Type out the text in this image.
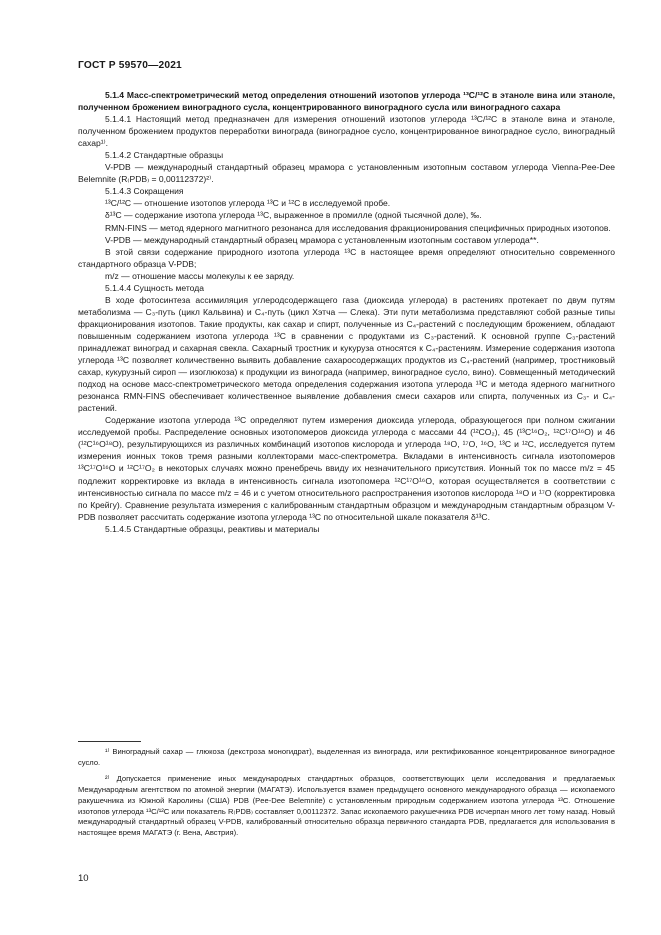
ГОСТ Р 59570—2021

5.1.4 Масс-спектрометрический метод определения отношений изотопов углерода ¹³C/¹²C в этаноле вина или этаноле, полученном брожением виноградного сусла, концентрированного виноградного сусла или виноградного сахара

5.1.4.1 Настоящий метод предназначен для измерения отношений изотопов углерода ¹³C/¹²C в этаноле вина и этаноле, полученном брожением продуктов переработки винограда (виноградное сусло, концентрированное виноградное сусло, виноградный сахар¹⁾.

5.1.4.2 Стандартные образцы

V-PDB — международный стандартный образец мрамора с установленным изотопным составом углерода Vienna-Pee-Dee Belemnite (R₍PDB₎ = 0,00112372)²⁾.

5.1.4.3 Сокращения

¹³C/¹²C — отношение изотопов углерода ¹³C и ¹²C в исследуемой пробе.

δ¹³C — содержание изотопа углерода ¹³C, выраженное в промилле (одной тысячной доле), ‰.

RMN-FINS — метод ядерного магнитного резонанса для исследования фракционирования специфичных природных изотопов.

V-PDB — международный стандартный образец мрамора с установленным изотопным составом углерода**.

В этой связи содержание природного изотопа углерода ¹³C в настоящее время определяют относительно современного стандартного образца V-PDB;

m/z — отношение массы молекулы к ее заряду.

5.1.4.4 Сущность метода

В ходе фотосинтеза ассимиляция углеродсодержащего газа (диоксида углерода) в растениях протекает по двум путям метаболизма — C₃-путь (цикл Кальвина) и C₄-путь (цикл Хэтча — Слека). Эти пути метаболизма представляют собой разные типы фракционирования изотопов. Такие продукты, как сахар и спирт, полученные из C₄-растений с последующим брожением, обладают повышенным содержанием изотопа углерода ¹³C в сравнении с продуктами из C₃-растений. К основной группе C₃-растений принадлежат виноград и сахарная свекла. Сахарный тростник и кукуруза относятся к C₄-растениям. Измерение содержания изотопа углерода ¹³C позволяет количественно выявить добавление сахаросодержащих продуктов из C₄-растений (например, тростниковый сахар, кукурузный сироп — изоглюкоза) к продукции из винограда (например, виноградное сусло, вино). Совмещенный методический подход на основе масс-спектрометрического метода определения содержания изотопа углерода ¹³C и метода ядерного магнитного резонанса RMN-FINS обеспечивает количественное выявление добавления смеси сахаров или спирта, полученных из C₃- и C₄-растений.

Содержание изотопа углерода ¹³C определяют путем измерения диоксида углерода, образующегося при полном сжигании исследуемой пробы. Распределение основных изотопомеров диоксида углерода с массами 44 (¹²CO₂), 45 (¹³C¹⁶O₂, ¹²C¹⁷O¹⁶O) и 46 (¹²C¹⁶O¹⁸O), результирующихся из различных комбинаций изотопов кислорода и углерода ¹⁸O, ¹⁷O, ¹⁶O, ¹³C и ¹²C, исследуется путем измерения ионных токов тремя разными коллекторами масс-спектрометра. Вкладами в интенсивность сигнала изотопомеров ¹³C¹⁷O¹⁶O и ¹²C¹⁷O₂ в некоторых случаях можно пренебречь ввиду их незначительного присутствия. Ионный ток по массе m/z = 45 подлежит корректировке из вклада в интенсивность сигнала изотопомера ¹²C¹⁷O¹⁶O, которая осуществляется в соответствии с интенсивностью сигнала по массе m/z = 46 и с учетом относительного распространения изотопов кислорода ¹⁸O и ¹⁷O (корректировка по Крейгу). Сравнение результата измерения с калиброванным стандартным образцом и международным стандартным образцом V-PDB позволяет рассчитать содержание изотопа углерода ¹³C по относительной шкале показателя δ¹³C.

5.1.4.5 Стандартные образцы, реактивы и материалы

¹⁾ Виноградный сахар — глюкоза (декстроза моногидрат), выделенная из винограда, или ректификованное концентрированное виноградное сусло.

²⁾ Допускается применение иных международных стандартных образцов, соответствующих цели исследования и предлагаемых Международным агентством по атомной энергии (МАГАТЭ). Используется взамен предыдущего основного международного образца — ископаемого ракушечника из Южной Каролины (США) PDB (Pee-Dee Belemnite) с установленным природным содержанием изотопа углерода ¹³C. Отношение изотопов углерода ¹³C/¹²C или показатель R₍PDB₎ составляет 0,00112372. Запас ископаемого ракушечника PDB исчерпан много лет тому назад. Новый международный стандартный образец V-PDB, калиброванный относительно образца первичного стандарта PDB, предлагается для использования в настоящее время МАГАТЭ (г. Вена, Австрия).

10
